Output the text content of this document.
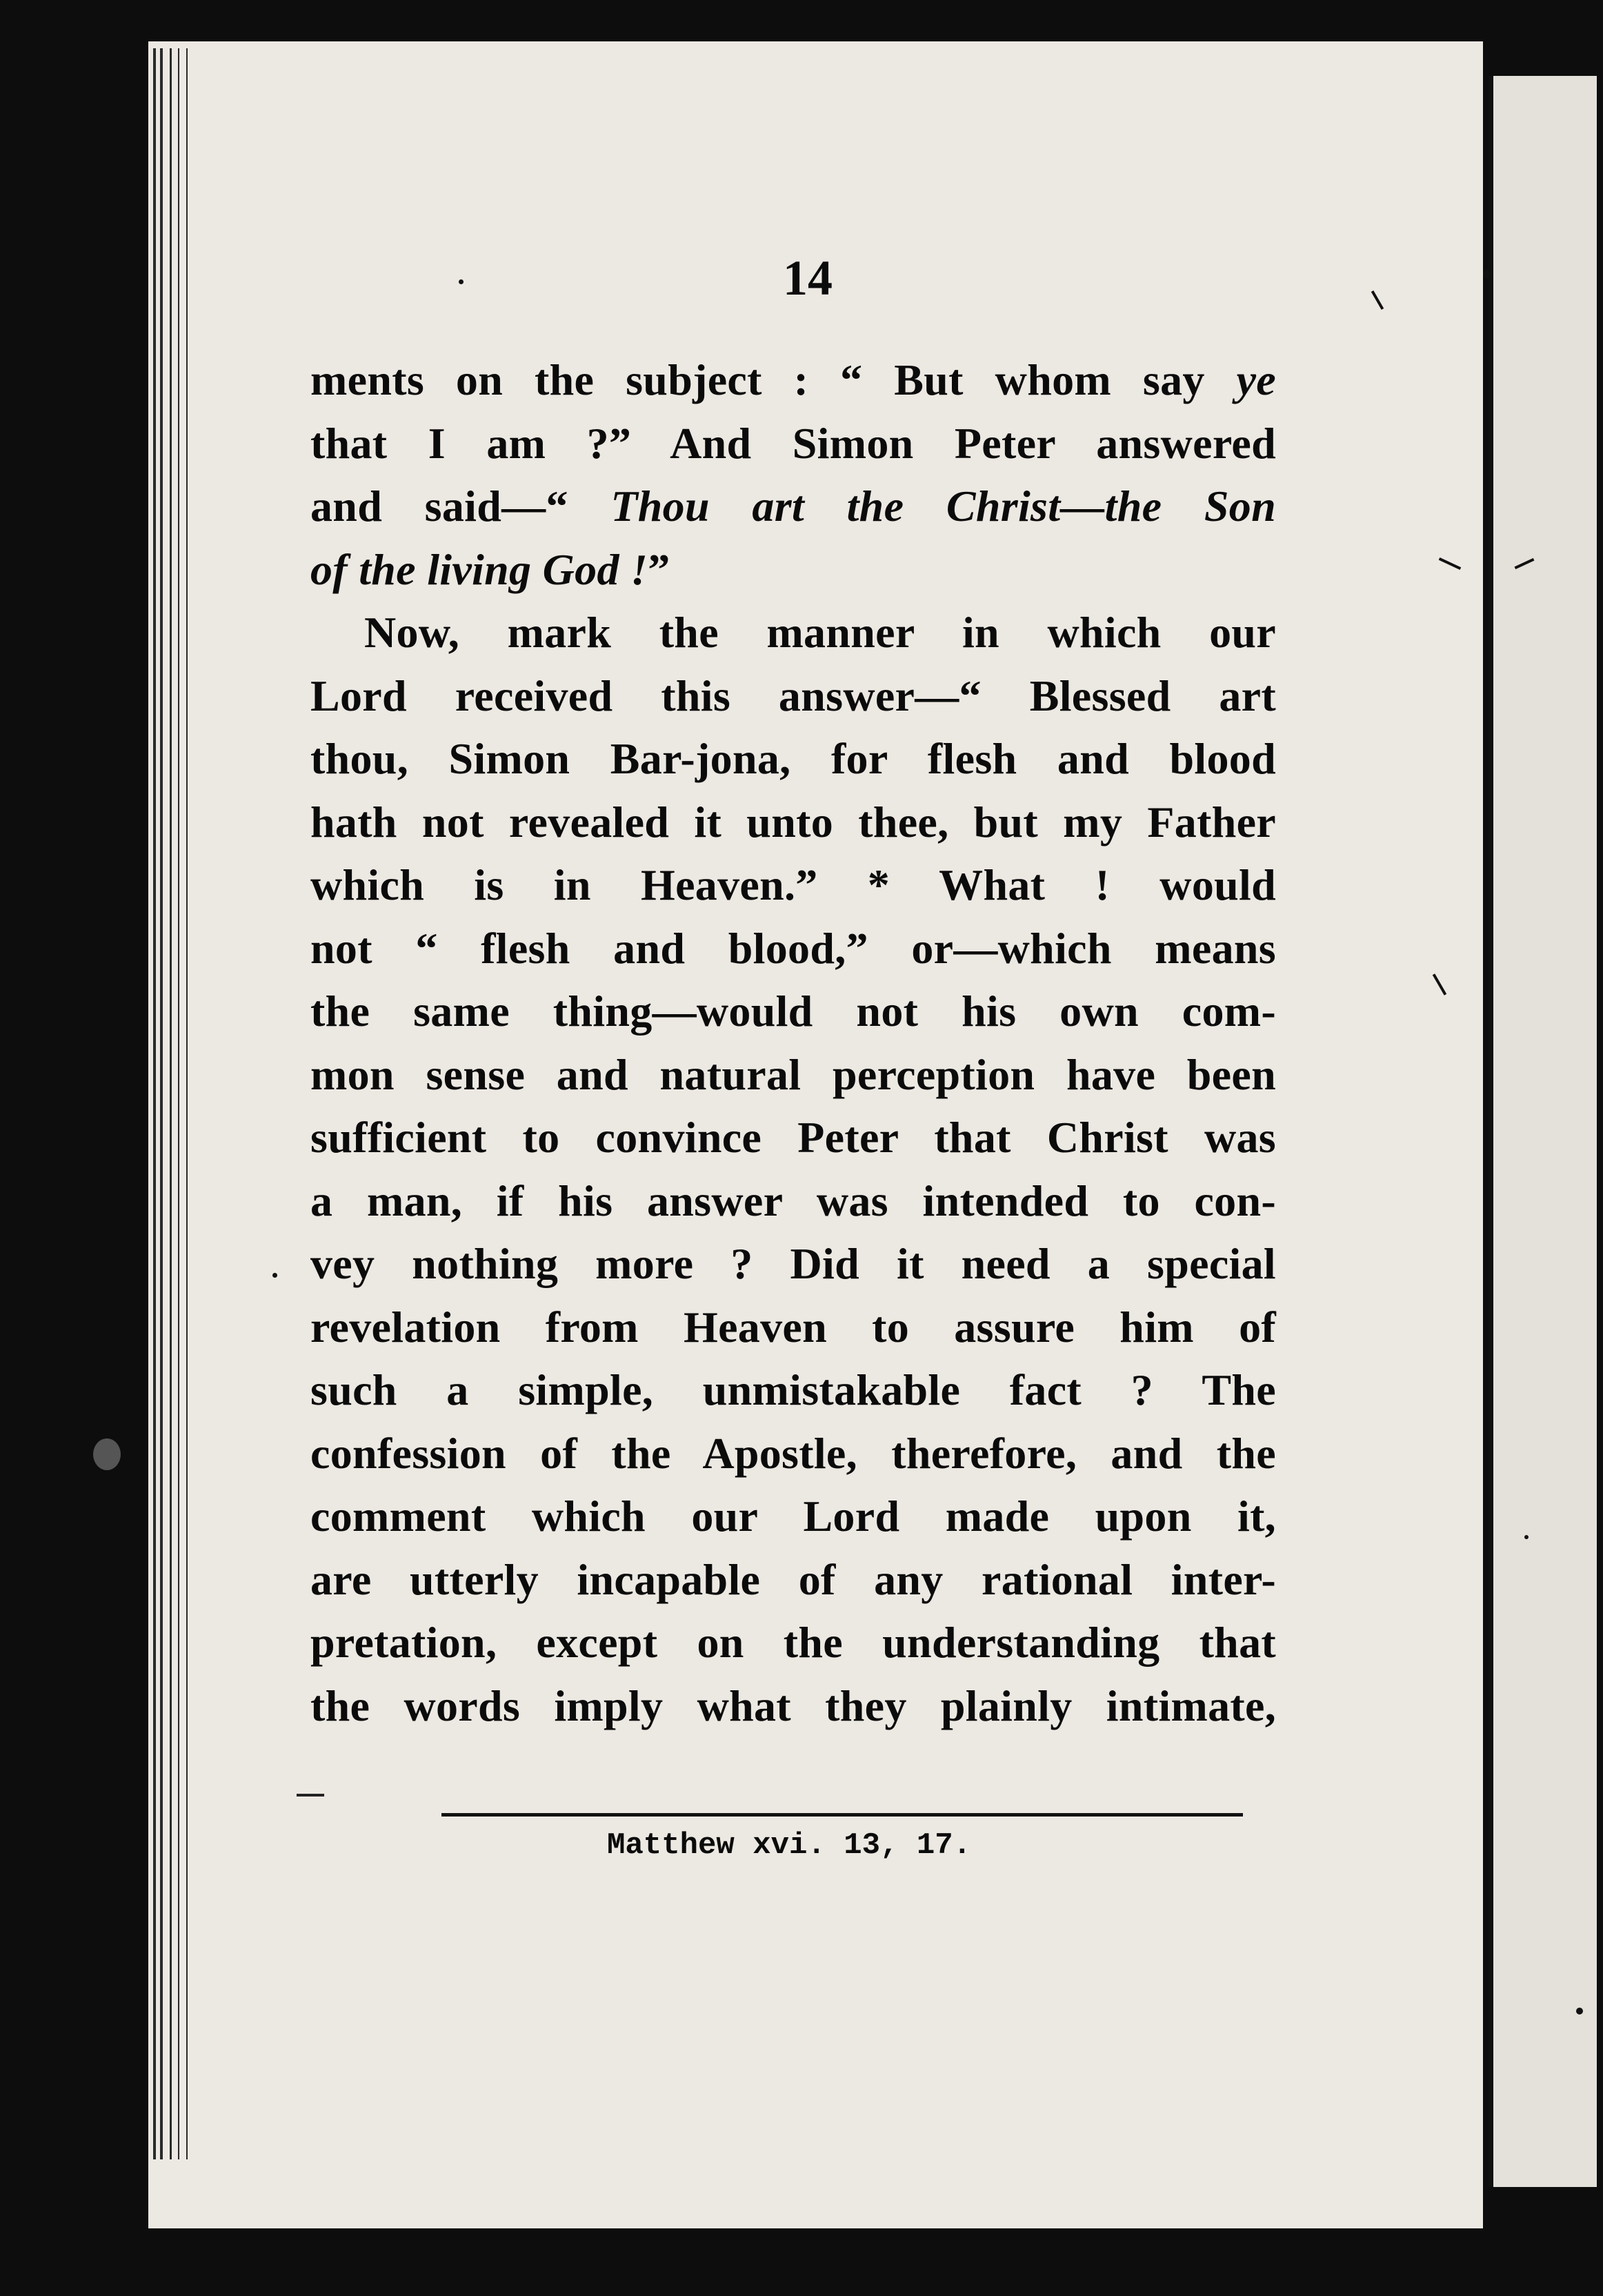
14
ments on the subject : “ But whom say ye
that I am ?” And Simon Peter answered
and said—“ Thou art the Christ—the Son
of the living God !”
Now, mark the manner in which our
Lord received this answer—“ Blessed art
thou, Simon Bar-jona, for flesh and blood
hath not revealed it unto thee, but my Father
which is in Heaven.” * What ! would
not “ flesh and blood,” or—which means
the same thing—would not his own com-
mon sense and natural perception have been
sufficient to convince Peter that Christ was
a man, if his answer was intended to con-
vey nothing more ? Did it need a special
revelation from Heaven to assure him of
such a simple, unmistakable fact ? The
confession of the Apostle, therefore, and the
comment which our Lord made upon it,
are utterly incapable of any rational inter-
pretation, except on the understanding that
the words imply what they plainly intimate,
Matthew xvi. 13, 17.
